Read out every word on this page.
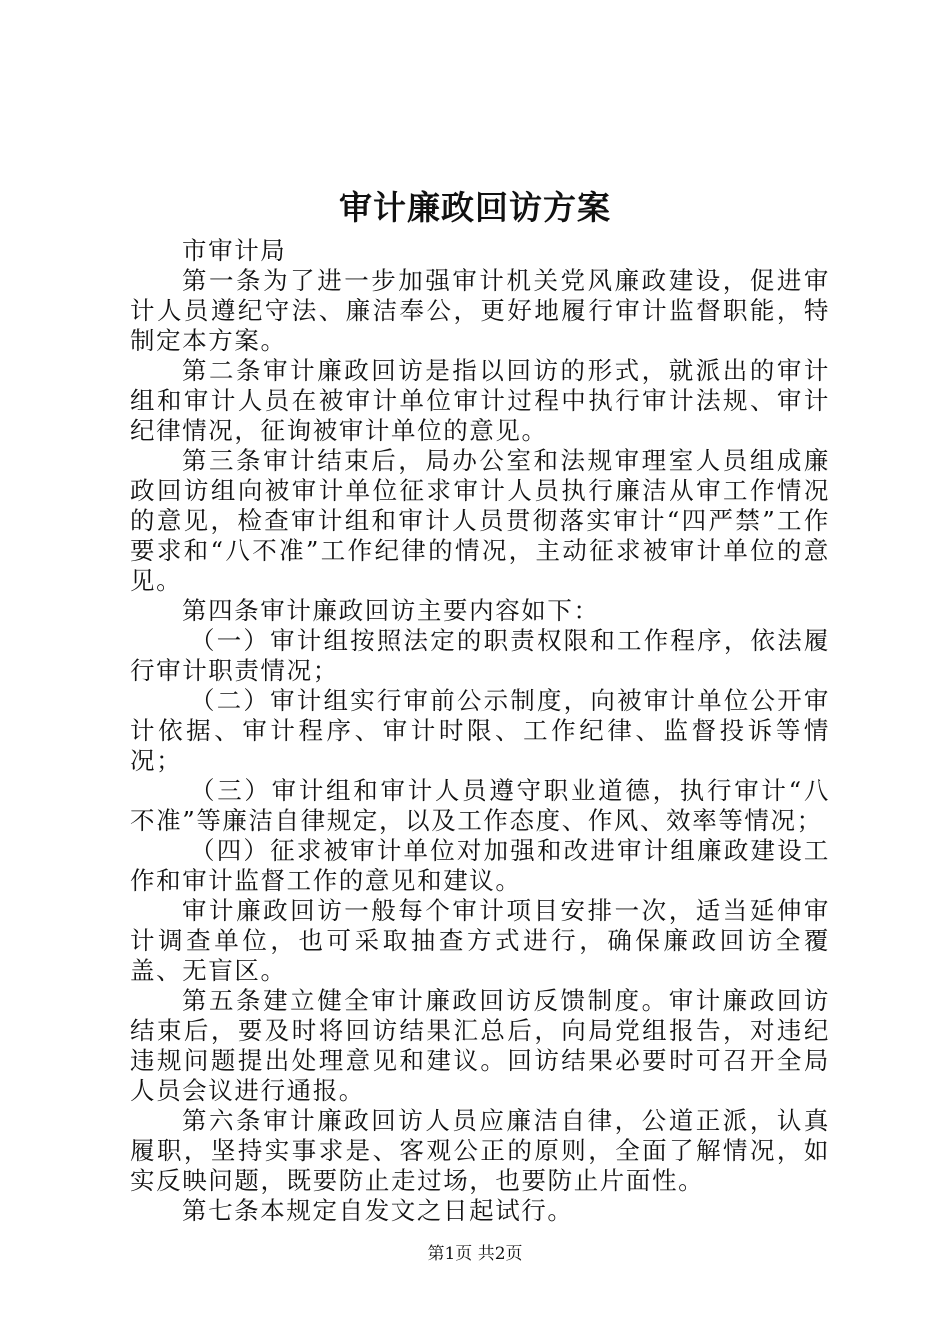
审计廉政回访方案

市审计局

第一条为了进一步加强审计机关党风廉政建设，促进审计人员遵纪守法、廉洁奉公，更好地履行审计监督职能，特制定本方案。

第二条审计廉政回访是指以回访的形式，就派出的审计组和审计人员在被审计单位审计过程中执行审计法规、审计纪律情况，征询被审计单位的意见。

第三条审计结束后，局办公室和法规审理室人员组成廉政回访组向被审计单位征求审计人员执行廉洁从审工作情况的意见，检查审计组和审计人员贯彻落实审计“四严禁”工作要求和“八不准”工作纪律的情况，主动征求被审计单位的意见。

第四条审计廉政回访主要内容如下：

（一）审计组按照法定的职责权限和工作程序，依法履行审计职责情况；

（二）审计组实行审前公示制度，向被审计单位公开审计依据、审计程序、审计时限、工作纪律、监督投诉等情况；

（三）审计组和审计人员遵守职业道德，执行审计“八不准”等廉洁自律规定，以及工作态度、作风、效率等情况；

（四）征求被审计单位对加强和改进审计组廉政建设工作和审计监督工作的意见和建议。

审计廉政回访一般每个审计项目安排一次，适当延伸审计调查单位，也可采取抽查方式进行，确保廉政回访全覆盖、无盲区。

第五条建立健全审计廉政回访反馈制度。审计廉政回访结束后，要及时将回访结果汇总后，向局党组报告，对违纪违规问题提出处理意见和建议。回访结果必要时可召开全局人员会议进行通报。

第六条审计廉政回访人员应廉洁自律，公道正派，认真履职，坚持实事求是、客观公正的原则，全面了解情况，如实反映问题，既要防止走过场，也要防止片面性。

第七条本规定自发文之日起试行。

第1页 共2页
